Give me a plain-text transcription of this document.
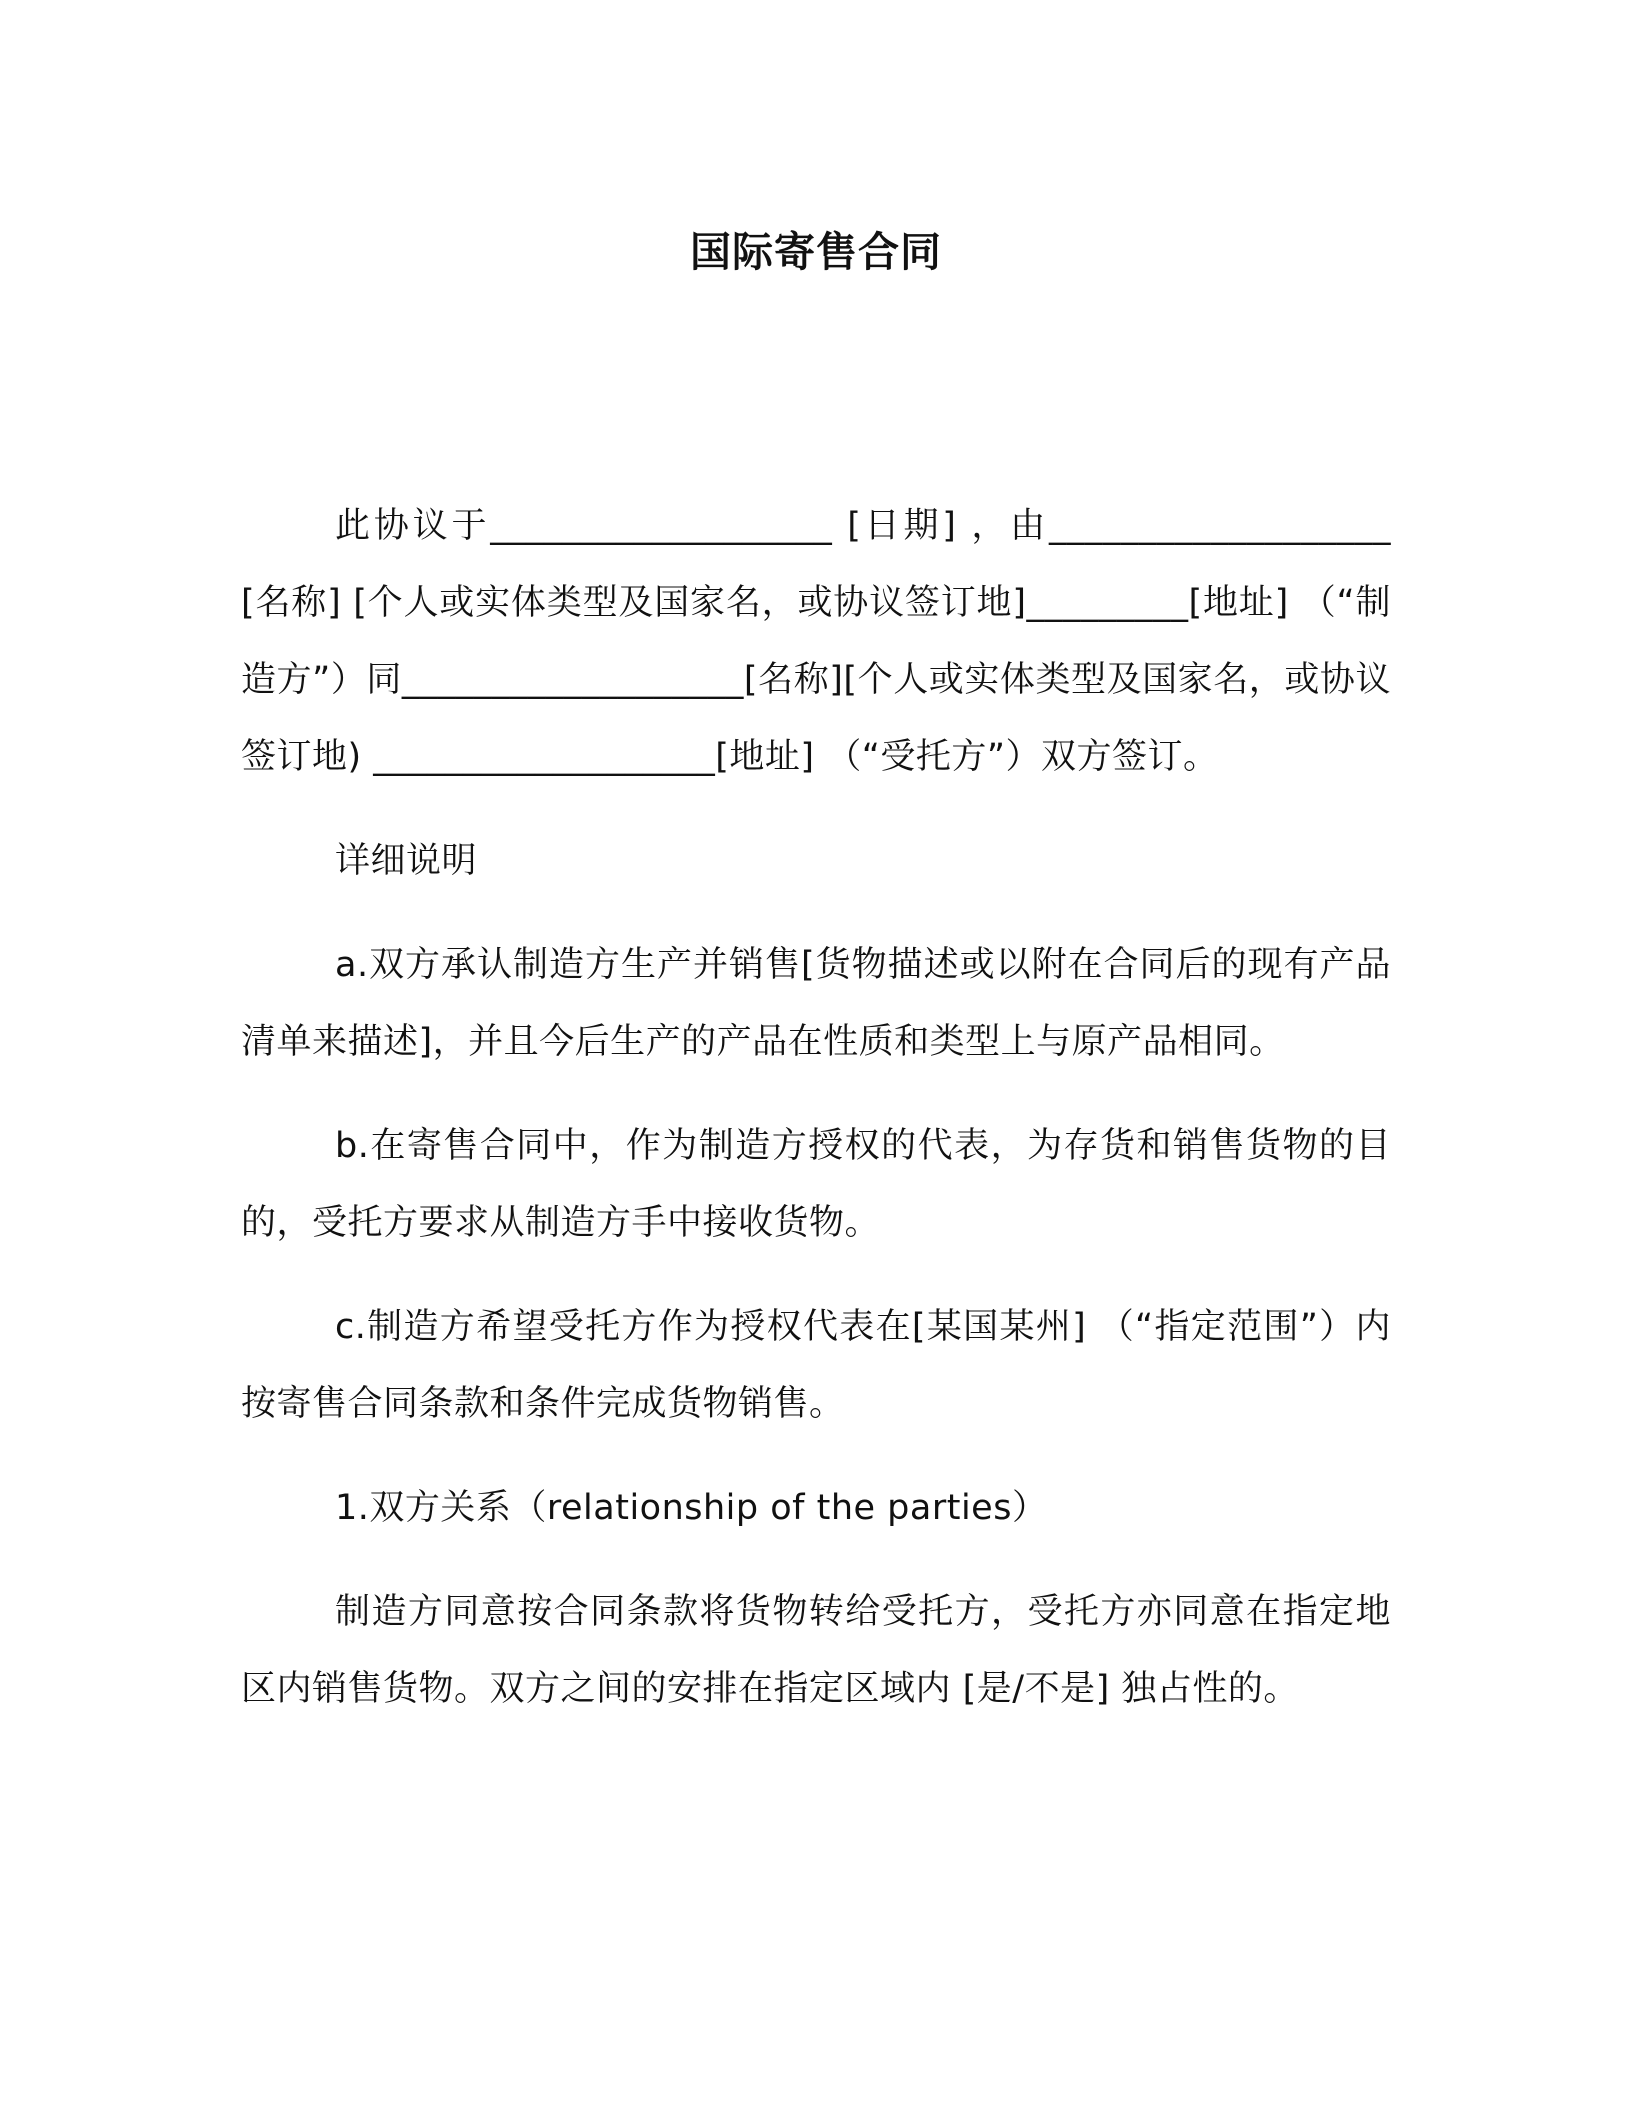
国际寄售合同

此协议于___________________ [日期] ，由___________________ [名称] [个人或实体类型及国家名，或协议签订地]_________[地址] （“制造方”）同___________________[名称][个人或实体类型及国家名，或协议签订地) ___________________[地址] （“受托方”）双方签订。

详细说明

a.双方承认制造方生产并销售[货物描述或以附在合同后的现有产品清单来描述]，并且今后生产的产品在性质和类型上与原产品相同。

b.在寄售合同中，作为制造方授权的代表，为存货和销售货物的目的，受托方要求从制造方手中接收货物。

c.制造方希望受托方作为授权代表在[某国某州] （“指定范围”）内按寄售合同条款和条件完成货物销售。

1.双方关系（relationship of the parties）

制造方同意按合同条款将货物转给受托方，受托方亦同意在指定地区内销售货物。双方之间的安排在指定区域内 [是/不是] 独占性的。
